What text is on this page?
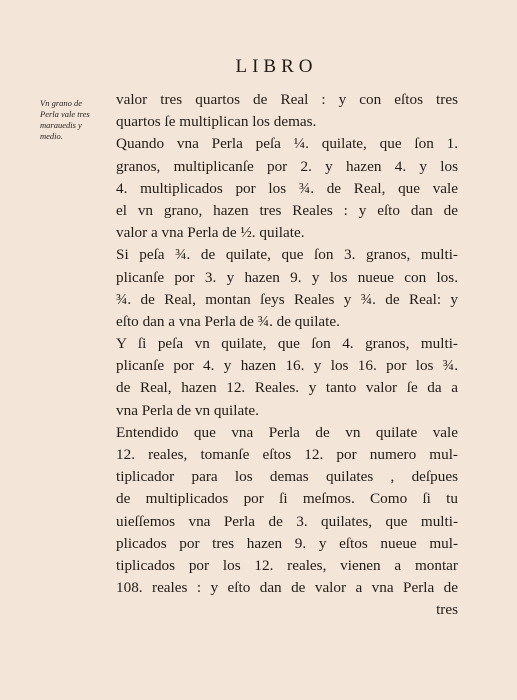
LIBRO
Vn grano de
Perla vale tres
marauedis y
medio.
valor tres quartos de Real : y con eſtos tres
quartos ſe multiplican los demas.
Quando vna Perla peſa ¼. quilate, que ſon 1.
granos, multiplicanſe por 2. y hazen 4. y los
4. multiplicados por los ¾. de Real, que vale
el vn grano, hazen tres Reales : y eſto dan de
valor a vna Perla de ½. quilate.
Si peſa ¾. de quilate, que ſon 3. granos, multi-
plicanſe por 3. y hazen 9. y los nueue con los.
¾. de Real, montan ſeys Reales y ¾. de Real: y
eſto dan a vna Perla de ¾. de quilate.
Y ſi peſa vn quilate, que ſon 4. granos, multi-
plicanſe por 4. y hazen 16. y los 16. por los ¾.
de Real, hazen 12. Reales. y tanto valor ſe da a
vna Perla de vn quilate.
Entendido que vna Perla de vn quilate vale
12. reales, tomanſe eſtos 12. por numero mul-
tiplicador para los demas quilates , deſpues
de multiplicados por ſi meſmos. Como ſi tu
uieſſemos vna Perla de 3. quilates, que multi-
plicados por tres hazen 9. y eſtos nueue mul-
tiplicados por los 12. reales, vienen a montar
108. reales : y eſto dan de valor a vna Perla de
tres
